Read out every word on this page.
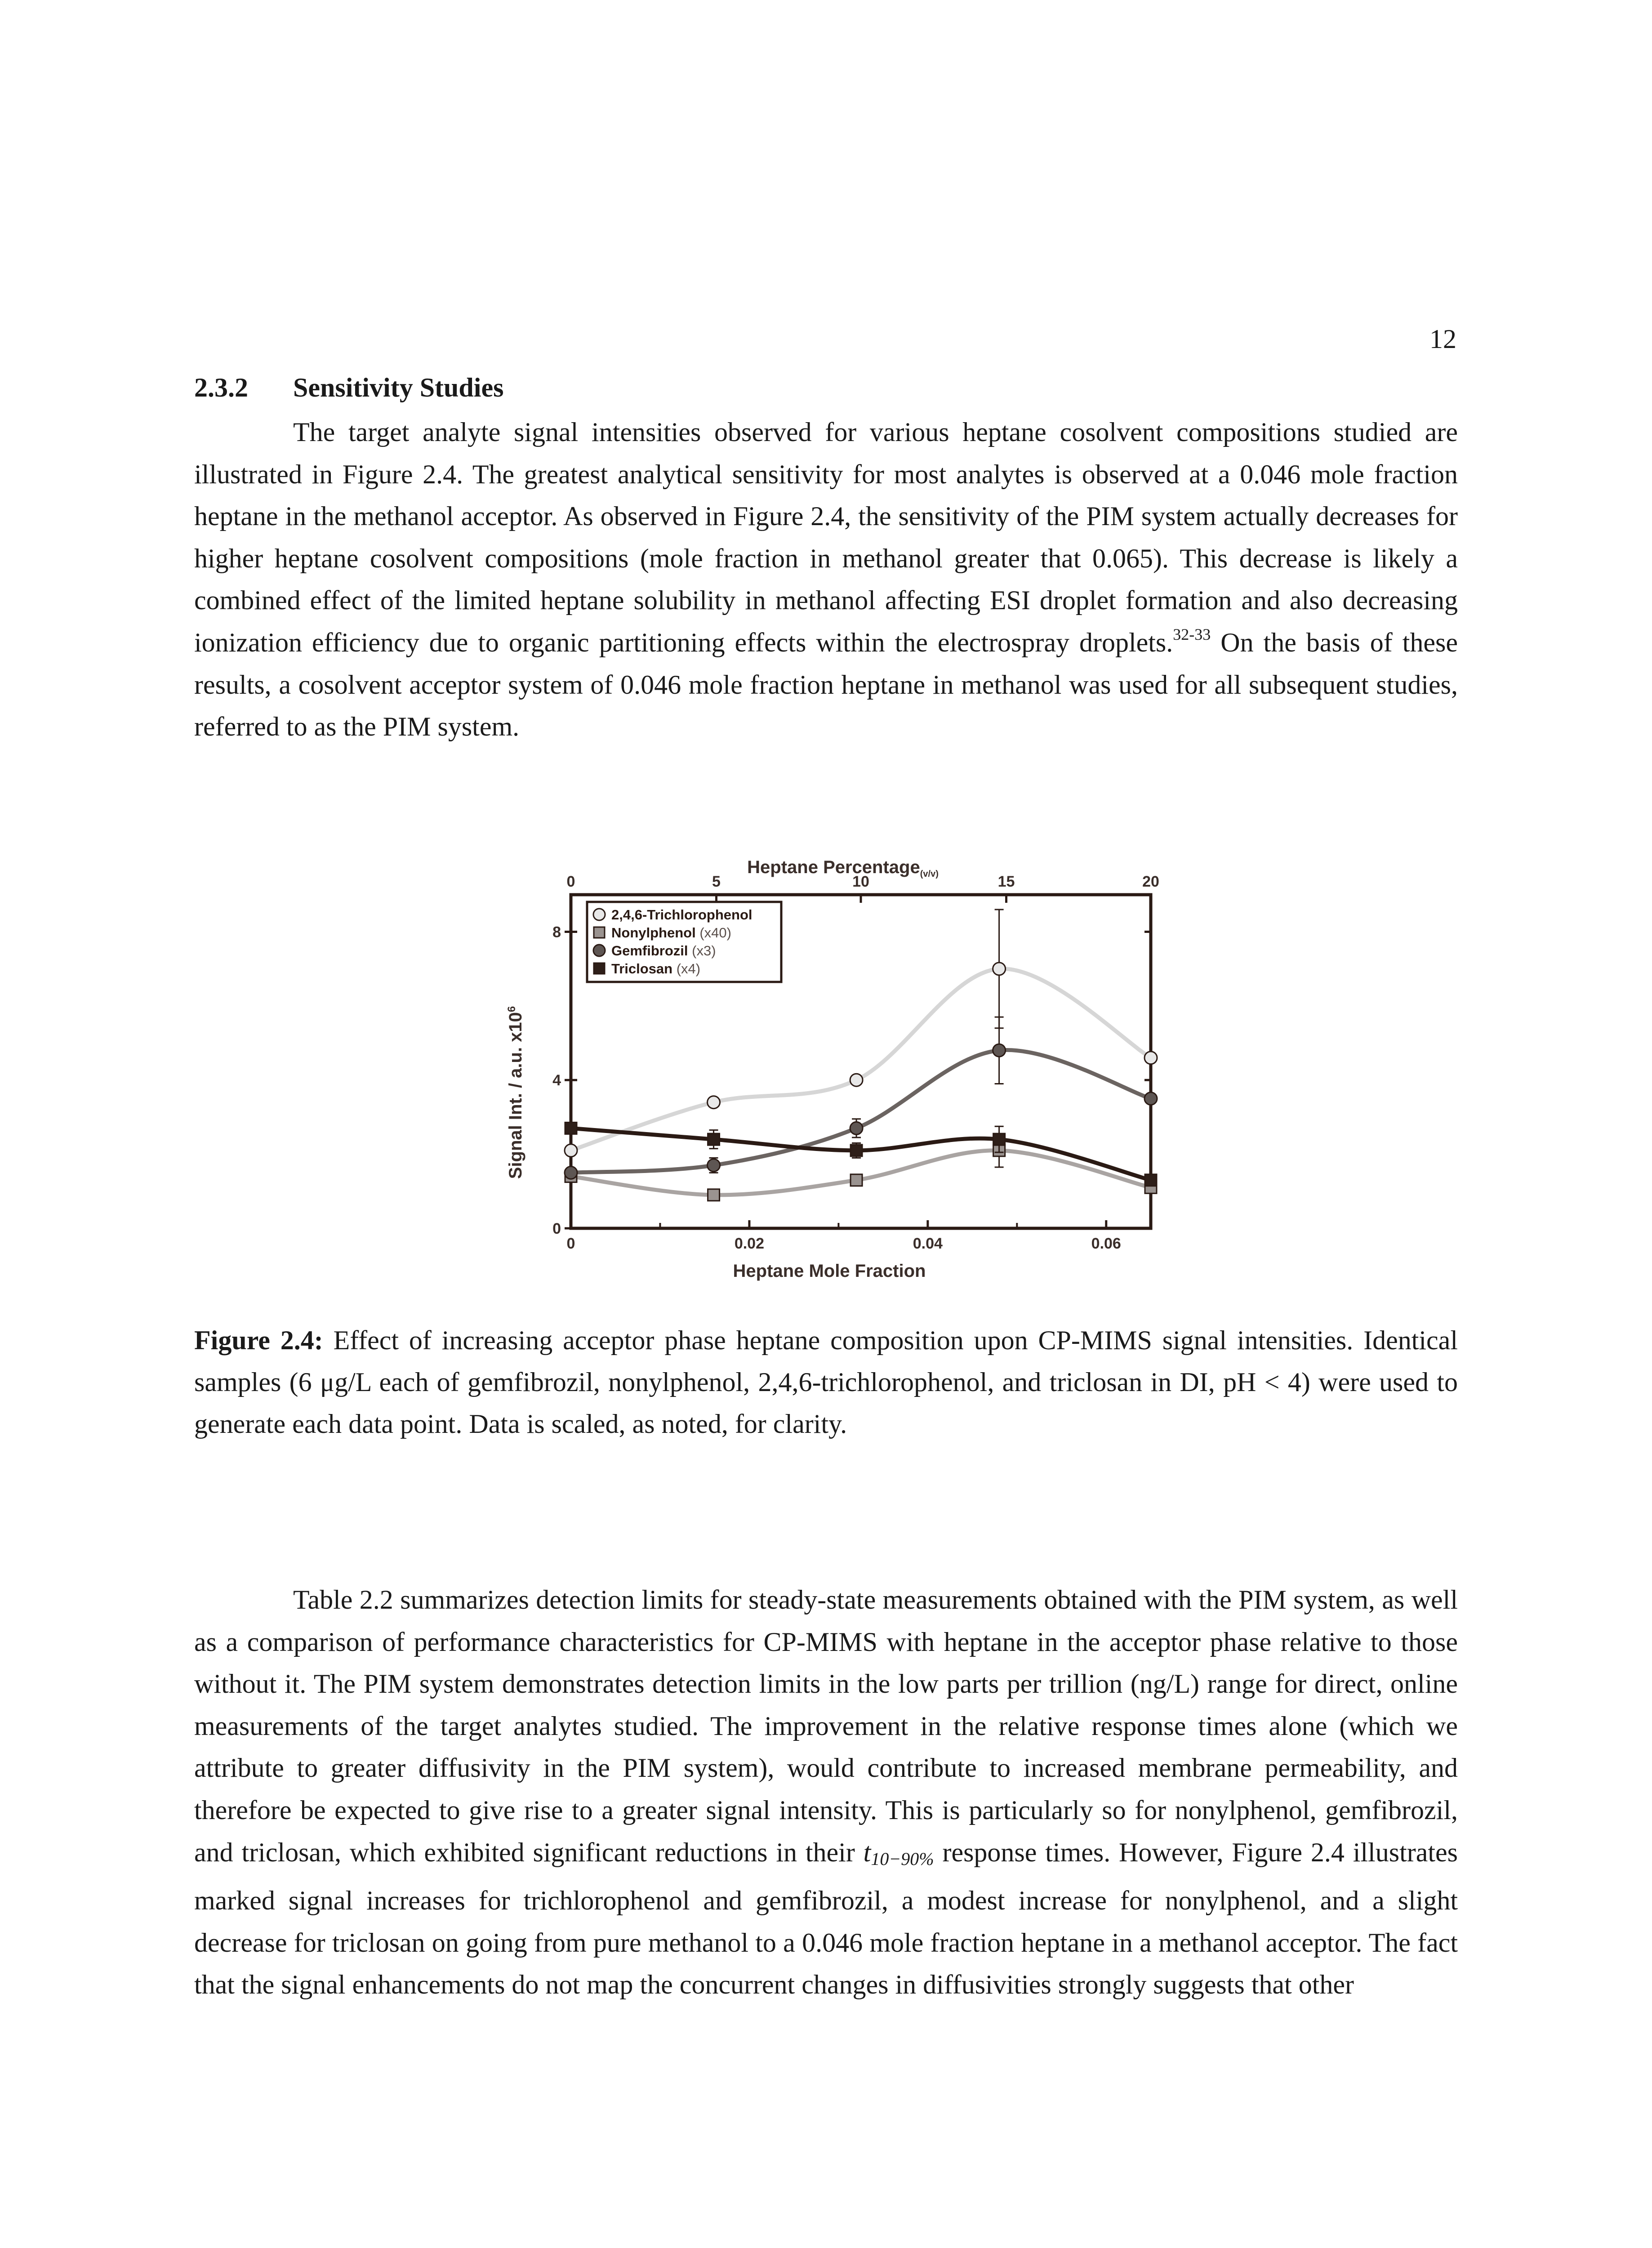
12
2.3.2 Sensitivity Studies

The target analyte signal intensities observed for various heptane cosolvent compositions studied are illustrated in Figure 2.4. The greatest analytical sensitivity for most analytes is observed at a 0.046 mole fraction heptane in the methanol acceptor. As observed in Figure 2.4, the sensitivity of the PIM system actually decreases for higher heptane cosolvent compositions (mole fraction in methanol greater that 0.065). This decrease is likely a combined effect of the limited heptane solubility in methanol affecting ESI droplet formation and also decreasing ionization efficiency due to organic partitioning effects within the electrospray droplets.$^{32-33}$ On the basis of these results, a cosolvent acceptor system of 0.046 mole fraction heptane in methanol was used for all subsequent studies, referred to as the PIM system.

Heptane Percentage$_{(v/v)}$
Heptane Mole Fraction
Signal Int. / a.u. $x10^6$
0	0.02	0.04	0.06
0	5	10	15	20
0
4
8
2,4,6-Trichlorophenol
Nonylphenol (x40)
Gemfibrozil (x3)
Triclosan (x4)

Figure 2.4: Effect of increasing acceptor phase heptane composition upon CP-MIMS signal intensities. Identical samples (6 μg/L each of gemfibrozil, nonylphenol, 2,4,6-trichlorophenol, and triclosan in DI, pH < 4) were used to generate each data point. Data is scaled, as noted, for clarity.

Table 2.2 summarizes detection limits for steady-state measurements obtained with the PIM system, as well as a comparison of performance characteristics for CP-MIMS with heptane in the acceptor phase relative to those without it. The PIM system demonstrates detection limits in the low parts per trillion (ng/L) range for direct, online measurements of the target analytes studied. The improvement in the relative response times alone (which we attribute to greater diffusivity in the PIM system), would contribute to increased membrane permeability, and therefore be expected to give rise to a greater signal intensity. This is particularly so for nonylphenol, gemfibrozil, and triclosan, which exhibited significant reductions in their $t_{10-90\%}$ response times. However, Figure 2.4 illustrates marked signal increases for trichlorophenol and gemfibrozil, a modest increase for nonylphenol, and a slight decrease for triclosan on going from pure methanol to a 0.046 mole fraction heptane in a methanol acceptor. The fact that the signal enhancements do not map the concurrent changes in diffusivities strongly suggests that other
